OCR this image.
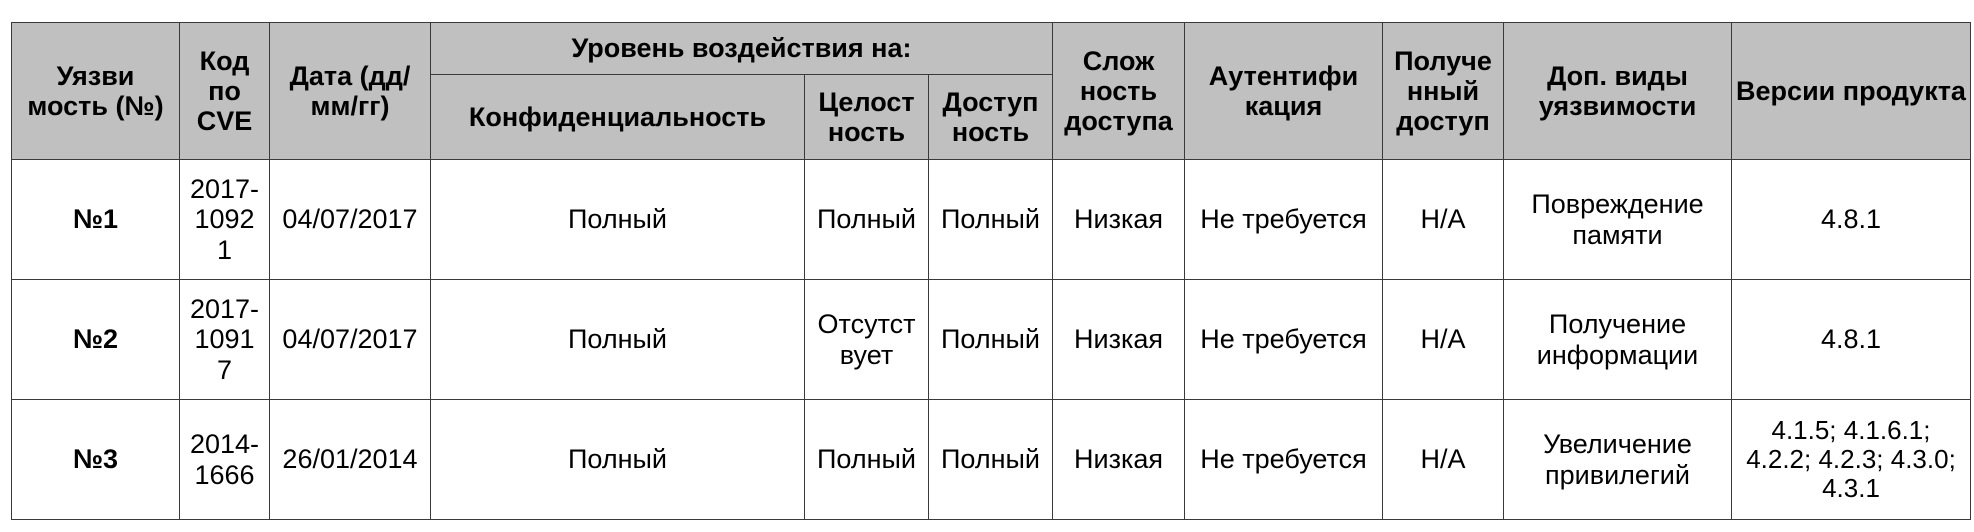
Уязви мость (№)	Код по CVE	Дата (дд/ мм/гг)	Уровень воздействия на:			Слож ность доступа	Аутентифи кация	Получе нный доступ	Доп. виды уязвимости	Версии продукта
			Конфиденциальность	Целост ность	Доступ ность					
№1	2017-1092 1	04/07/2017	Полный	Полный	Полный	Низкая	Не требуется	Н/А	Повреждение памяти	4.8.1
№2	2017-1091 7	04/07/2017	Полный	Отсутст вует	Полный	Низкая	Не требуется	Н/А	Получение информации	4.8.1
№3	2014-1666	26/01/2014	Полный	Полный	Полный	Низкая	Не требуется	Н/А	Увеличение привилегий	4.1.5; 4.1.6.1; 4.2.2; 4.2.3; 4.3.0; 4.3.1
